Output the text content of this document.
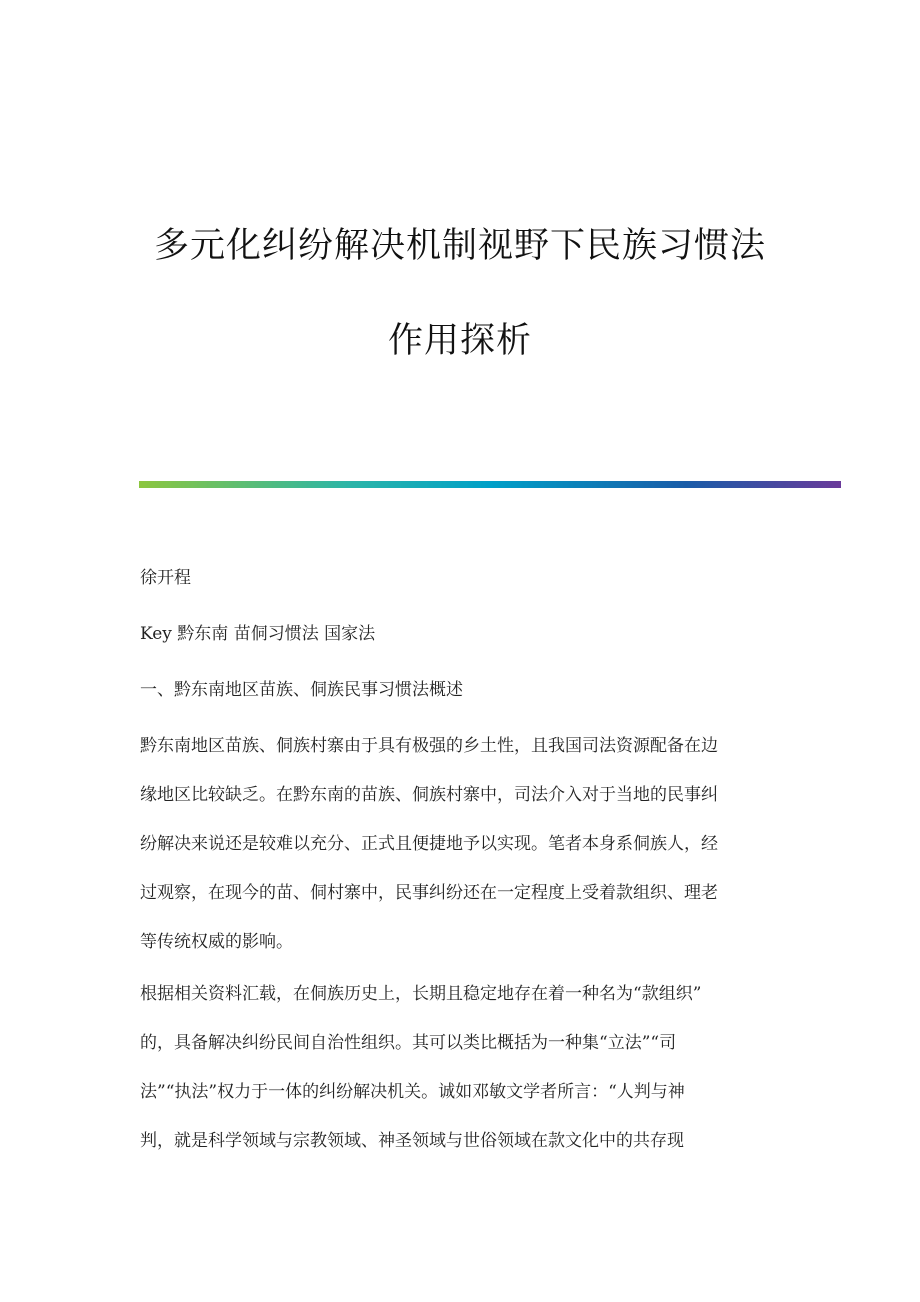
多元化纠纷解决机制视野下民族习惯法
作用探析
徐开程
Key 黔东南 苗侗习惯法 国家法
一、黔东南地区苗族、侗族民事习惯法概述
黔东南地区苗族、侗族村寨由于具有极强的乡土性，且我国司法资源配备在边
缘地区比较缺乏。在黔东南的苗族、侗族村寨中，司法介入对于当地的民事纠
纷解决来说还是较难以充分、正式且便捷地予以实现。笔者本身系侗族人，经
过观察，在现今的苗、侗村寨中，民事纠纷还在一定程度上受着款组织、理老
等传统权威的影响。
根据相关资料汇载，在侗族历史上，长期且稳定地存在着一种名为“款组织”
的，具备解决纠纷民间自治性组织。其可以类比概括为一种集“立法”“司
法”“执法”权力于一体的纠纷解决机关。诚如邓敏文学者所言：“人判与神
判，就是科学领域与宗教领域、神圣领域与世俗领域在款文化中的共存现
